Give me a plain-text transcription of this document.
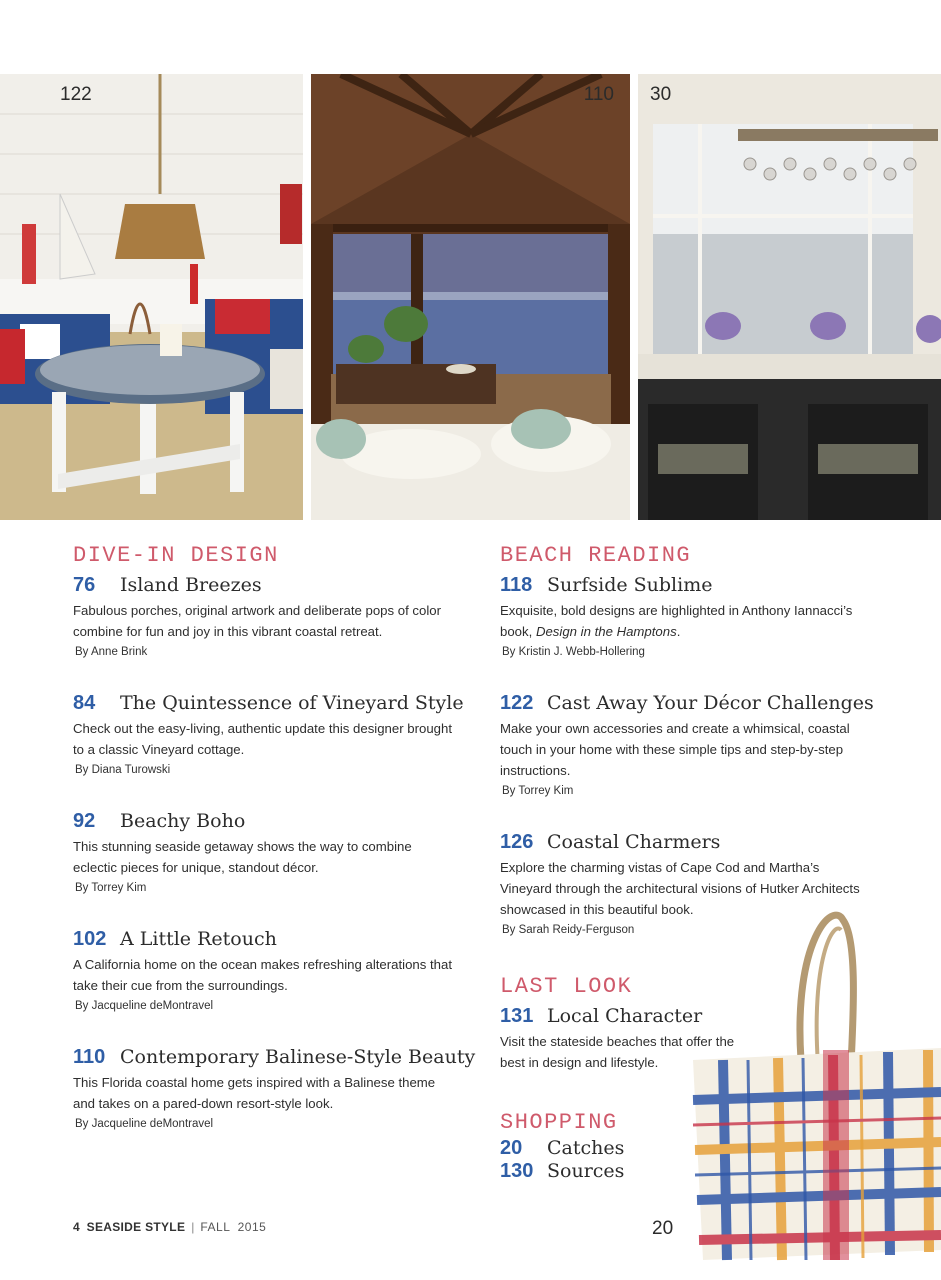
122	110 30
DIVE-IN DESIGN
76	Island Breezes
Fabulous porches, original artwork and deliberate pops of color combine for fun and joy in this vibrant coastal retreat.
By Anne Brink
84	The Quintessence of Vineyard Style
Check out the easy-living, authentic update this designer brought to a classic Vineyard cottage.
By Diana Turowski
92	Beachy Boho
This stunning seaside getaway shows the way to combine eclectic pieces for unique, standout décor.
By Torrey Kim
102 A Little Retouch
A California home on the ocean makes refreshing alterations that take their cue from the surroundings.
By Jacqueline deMontravel
110 Contemporary Balinese-Style Beauty
This Florida coastal home gets inspired with a Balinese theme and takes on a pared-down resort-style look.
By Jacqueline deMontravel
BEACH READING
118 Surfside Sublime
Exquisite, bold designs are highlighted in Anthony Iannacci’s book, Design in the Hamptons.
By Kristin J. Webb-Hollering
122 Cast Away Your Décor Challenges
Make your own accessories and create a whimsical, coastal touch in your home with these simple tips and step-by-step instructions.
By Torrey Kim
126 Coastal Charmers
Explore the charming vistas of Cape Cod and Martha’s Vineyard through the architectural visions of Hutker Architects showcased in this beautiful book.
By Sarah Reidy-Ferguson
LAST LOOK
131 Local Character
Visit the stateside beaches that offer the best in design and lifestyle.
SHOPPING
20	Catches
130 Sources
4 SEASIDE STYLE | FALL  2015	20
